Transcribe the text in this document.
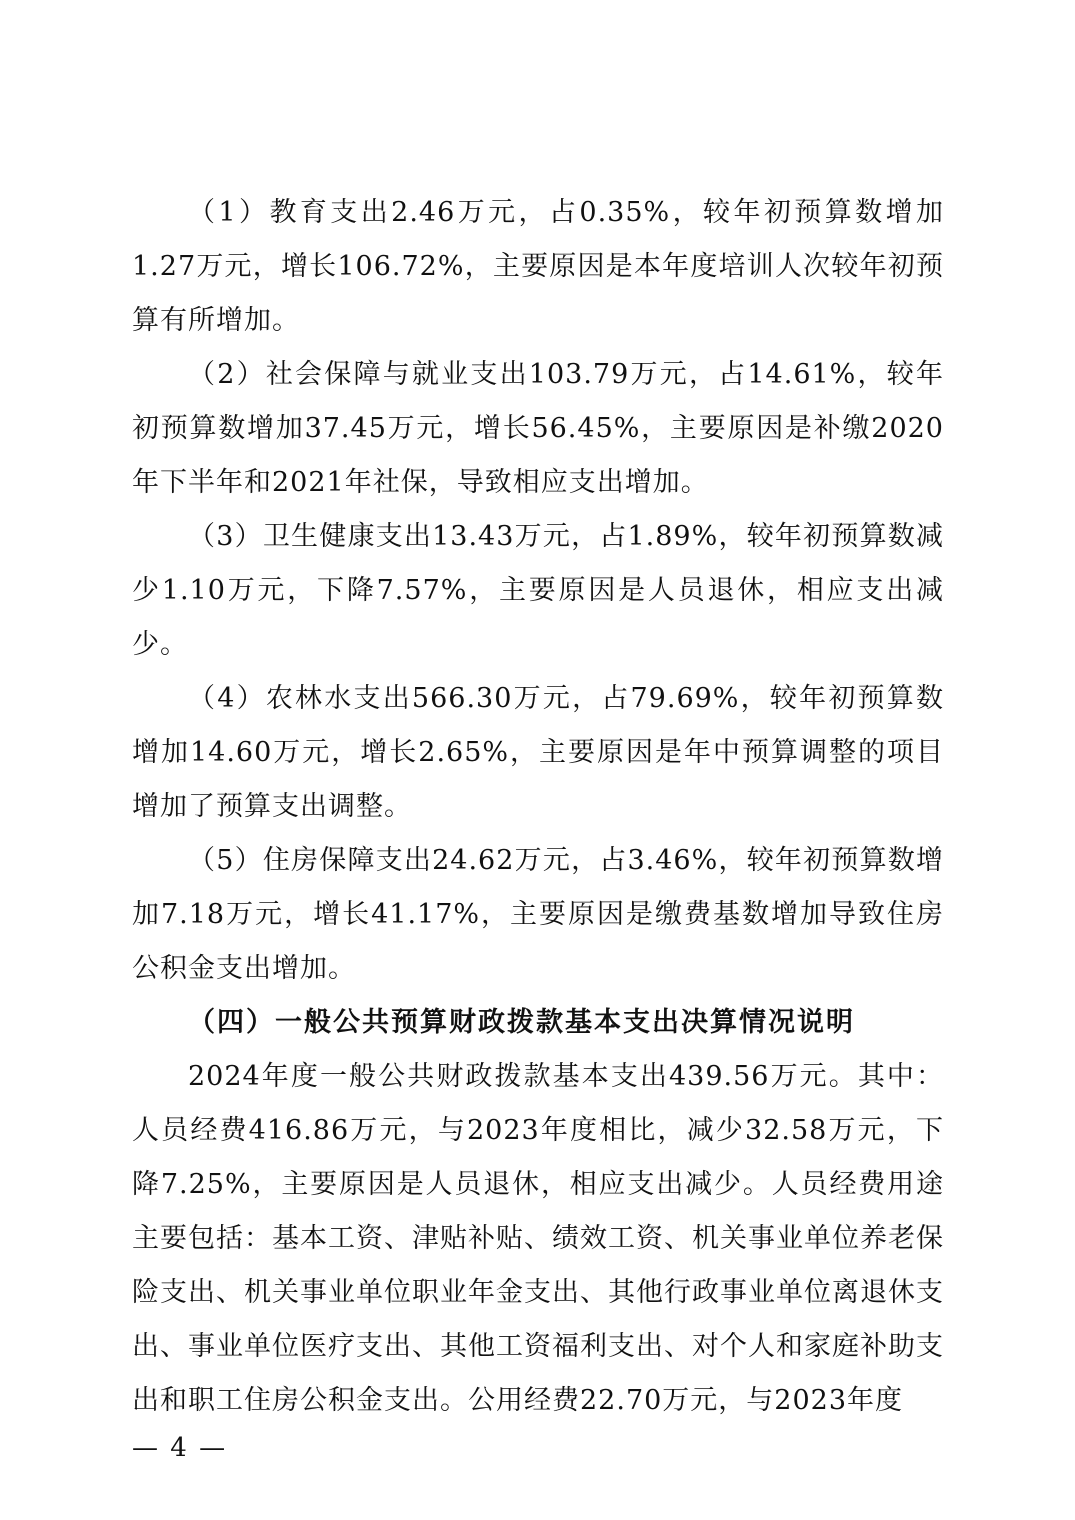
（1）教育支出2.46万元，占0.35%，较年初预算数增加1.27万元，增长106.72%，主要原因是本年度培训人次较年初预算有所增加。

（2）社会保障与就业支出103.79万元，占14.61%，较年初预算数增加37.45万元，增长56.45%，主要原因是补缴2020年下半年和2021年社保，导致相应支出增加。

（3）卫生健康支出13.43万元，占1.89%，较年初预算数减少1.10万元，下降7.57%，主要原因是人员退休，相应支出减少。

（4）农林水支出566.30万元，占79.69%，较年初预算数增加14.60万元，增长2.65%，主要原因是年中预算调整的项目增加了预算支出调整。

（5）住房保障支出24.62万元，占3.46%，较年初预算数增加7.18万元，增长41.17%，主要原因是缴费基数增加导致住房公积金支出增加。

（四）一般公共预算财政拨款基本支出决算情况说明

2024年度一般公共财政拨款基本支出439.56万元。其中：人员经费416.86万元，与2023年度相比，减少32.58万元，下降7.25%，主要原因是人员退休，相应支出减少。人员经费用途主要包括：基本工资、津贴补贴、绩效工资、机关事业单位养老保险支出、机关事业单位职业年金支出、其他行政事业单位离退休支出、事业单位医疗支出、其他工资福利支出、对个人和家庭补助支出和职工住房公积金支出。公用经费22.70万元，与2023年度

— 4 —
